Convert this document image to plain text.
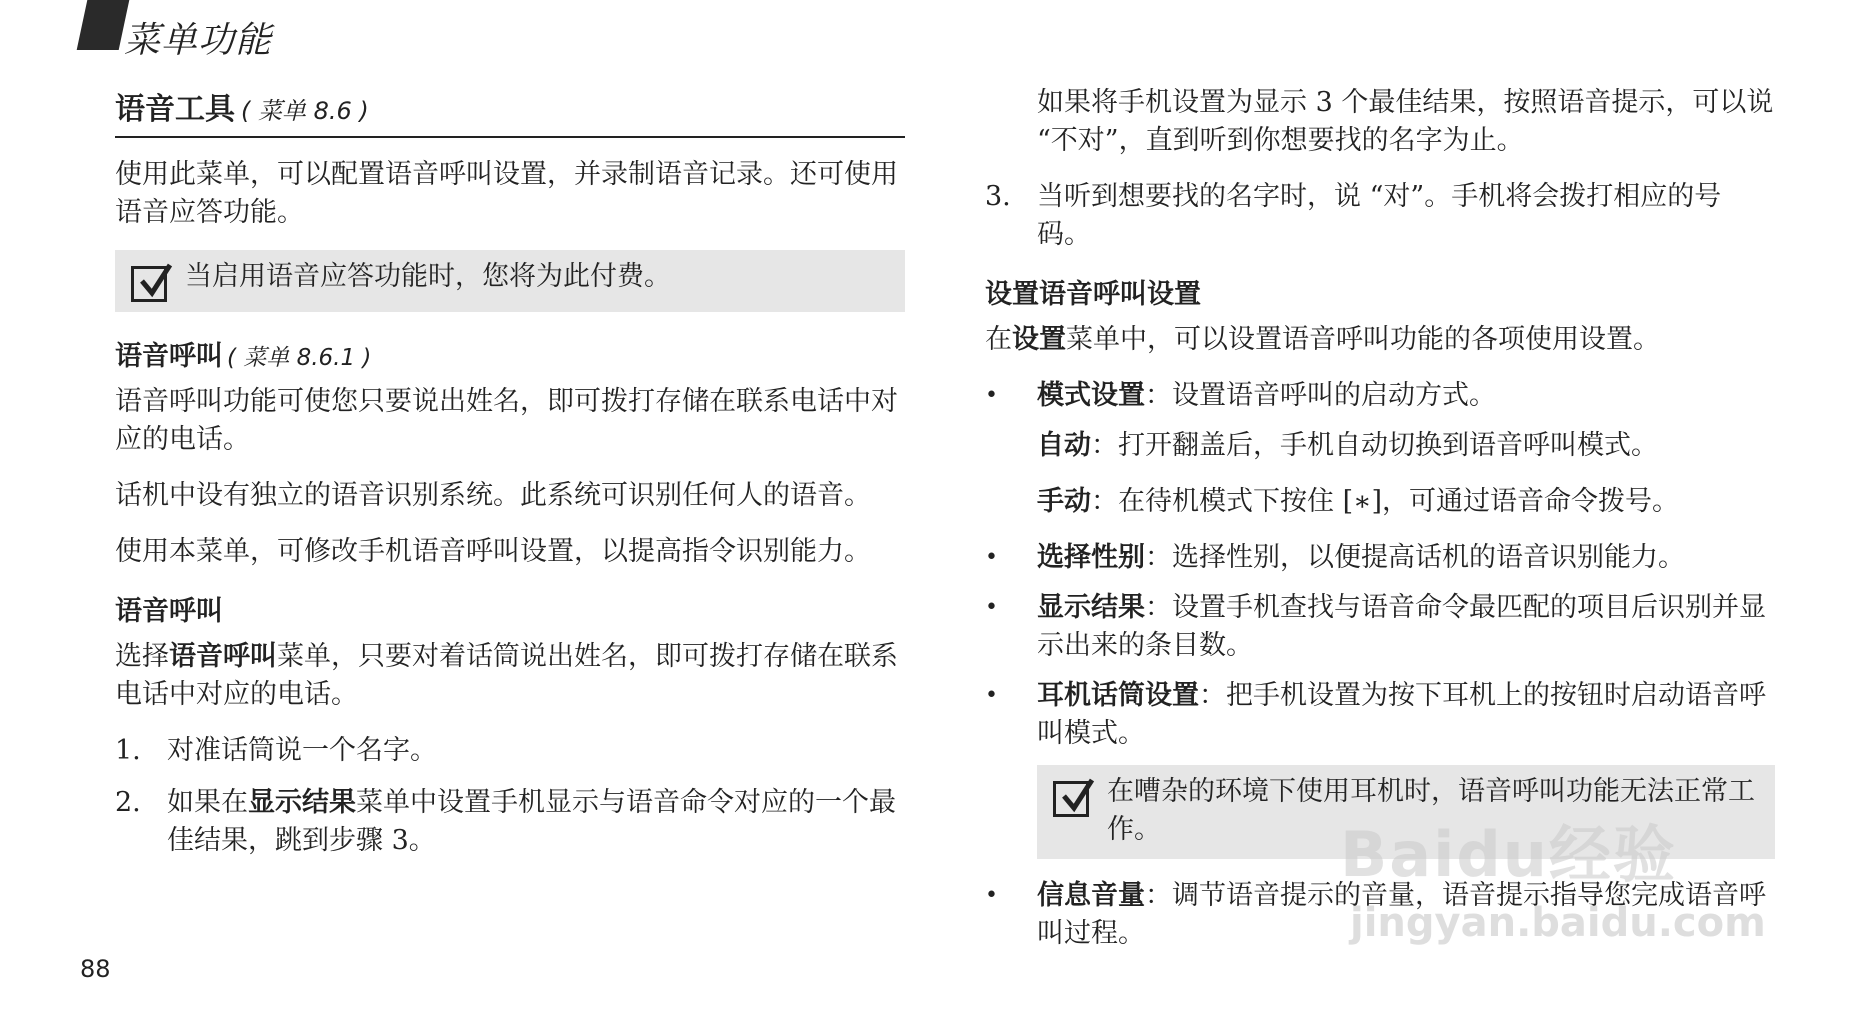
菜单功能
语音工具 ( 菜单 8.6 )

使用此菜单，可以配置语音呼叫设置，并录制语音记录。还可使用语音应答功能。

当启用语音应答功能时，您将为此付费。
语音呼叫 ( 菜单 8.6.1 )

语音呼叫功能可使您只要说出姓名，即可拨打存储在联系电话中对应的电话。

话机中设有独立的语音识别系统。此系统可识别任何人的语音。

使用本菜单，可修改手机语音呼叫设置，以提高指令识别能力。

语音呼叫

选择语音呼叫菜单，只要对着话筒说出姓名，即可拨打存储在联系电话中对应的电话。

1. 对准话筒说一个名字。
2. 如果在显示结果菜单中设置手机显示与语音命令对应的一个最佳结果，跳到步骤 3。

如果将手机设置为显示 3 个最佳结果，按照语音提示，可以说 “不对”，直到听到你想要找的名字为止。

3. 当听到想要找的名字时，说 “对”。手机将会拨打相应的号码。
设置语音呼叫设置

在设置菜单中，可以设置语音呼叫功能的各项使用设置。

•	模式设置：设置语音呼叫的启动方式。

自动：打开翻盖后，手机自动切换到语音呼叫模式。

手动：在待机模式下按住 [∗]，可通过语音命令拨号。

•	选择性别：选择性别，以便提高话机的语音识别能力。
•	显示结果：设置手机查找与语音命令最匹配的项目后识别并显示出来的条目数。
•	耳机话筒设置：把手机设置为按下耳机上的按钮时启动语音呼叫模式。
在嘈杂的环境下使用耳机时，语音呼叫功能无法正常工作。
•	信息音量：调节语音提示的音量，语音提示指导您完成语音呼叫过程。
88
Baidu经验
jingyan.baidu.com
